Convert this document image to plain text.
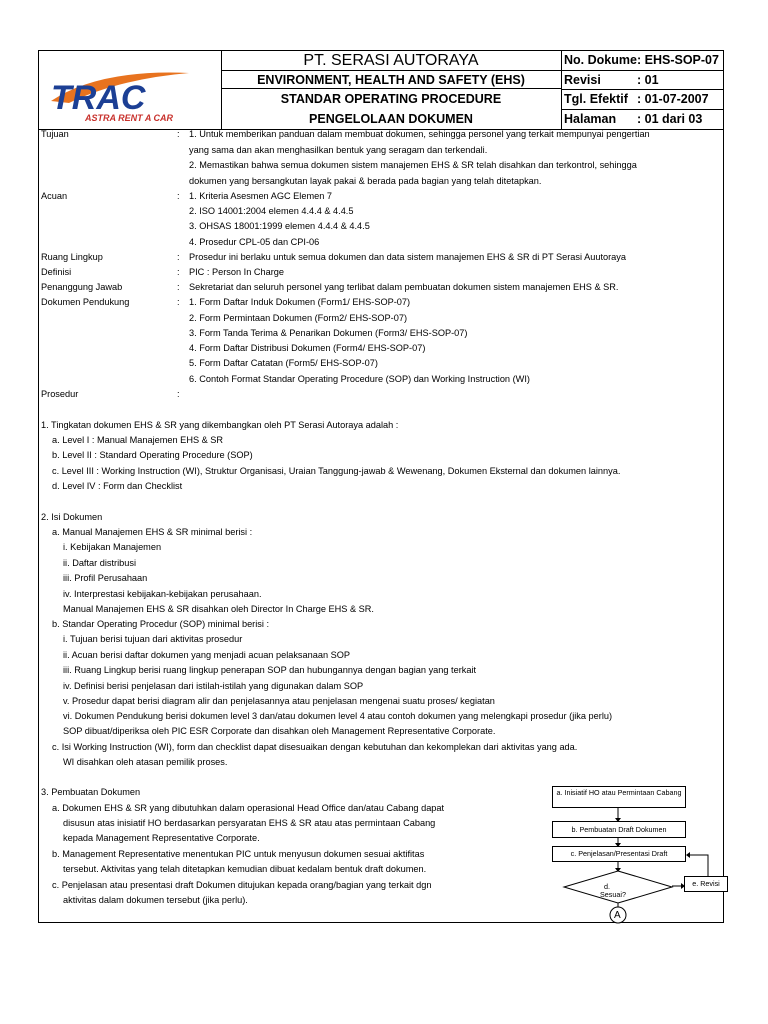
TRAC
ASTRA RENT A CAR
PT. SERASI AUTORAYA
ENVIRONMENT, HEALTH AND SAFETY (EHS)
STANDAR OPERATING PROCEDURE
PENGELOLAAN DOKUMEN
No. Dokume : EHS-SOP-07
Revisi	: 01
Tgl. Efektif : 01-07-2007
Halaman : 01 dari 03
Tujuan	: 1. Untuk memberikan panduan dalam membuat dokumen, sehingga personel yang terkait mempunyai pengertian
yang sama dan akan menghasilkan bentuk yang seragam dan terkendali.
2. Memastikan bahwa semua dokumen sistem manajemen EHS & SR telah disahkan dan terkontrol, sehingga
dokumen yang bersangkutan layak pakai & berada pada bagian yang telah ditetapkan.
Acuan	: 1. Kriteria Asesmen AGC Elemen 7
2. ISO 14001:2004 elemen 4.4.4 & 4.4.5
3. OHSAS 18001:1999 elemen 4.4.4 & 4.4.5
4. Prosedur CPL-05 dan CPI-06
Ruang Lingkup	: Prosedur ini berlaku untuk semua dokumen dan data sistem manajemen EHS & SR di PT Serasi Auutoraya
Definisi	: PIC : Person In Charge
Penanggung Jawab	: Sekretariat dan seluruh personel yang terlibat dalam pembuatan dokumen sistem manajemen EHS & SR.
Dokumen Pendukung	: 1. Form Daftar Induk Dokumen (Form1/ EHS-SOP-07)
2. Form Permintaan Dokumen (Form2/ EHS-SOP-07)
3. Form Tanda Terima & Penarikan Dokumen (Form3/ EHS-SOP-07)
4. Form Daftar Distribusi Dokumen (Form4/ EHS-SOP-07)
5. Form Daftar Catatan (Form5/ EHS-SOP-07)
6. Contoh Format Standar Operating Procedure (SOP) dan Working Instruction (WI)
Prosedur	:
1. Tingkatan dokumen EHS & SR yang dikembangkan oleh PT Serasi Autoraya adalah :
a. Level I : Manual Manajemen EHS & SR
b. Level II : Standard Operating Procedure (SOP)
c. Level III : Working Instruction (WI), Struktur Organisasi, Uraian Tanggung-jawab & Wewenang, Dokumen Eksternal dan dokumen lainnya.
d. Level IV : Form dan Checklist
2. Isi Dokumen
a. Manual Manajemen EHS & SR minimal berisi :
i. Kebijakan Manajemen
ii. Daftar distribusi
iii. Profil Perusahaan
iv. Interprestasi kebijakan-kebijakan perusahaan.
Manual Manajemen EHS & SR disahkan oleh Director In Charge EHS & SR.
b. Standar Operating Procedur (SOP) minimal berisi :
i. Tujuan berisi tujuan dari aktivitas prosedur
ii. Acuan berisi daftar dokumen yang menjadi acuan pelaksanaan SOP
iii. Ruang Lingkup berisi ruang lingkup penerapan SOP dan hubungannya dengan bagian yang terkait
iv. Definisi berisi penjelasan dari istilah-istilah yang digunakan dalam SOP
v. Prosedur dapat berisi diagram alir dan penjelasannya atau penjelasan mengenai suatu proses/ kegiatan
vi. Dokumen Pendukung berisi dokumen level 3 dan/atau dokumen level 4 atau contoh dokumen yang melengkapi prosedur (jika perlu)
SOP dibuat/diperiksa oleh PIC ESR Corporate dan disahkan oleh Management Representative Corporate.
c. Isi Working Instruction (WI), form dan checklist dapat disesuaikan dengan kebutuhan dan kekomplekan dari aktivitas yang ada.
WI disahkan oleh atasan pemilik proses.
3. Pembuatan Dokumen
a. Dokumen EHS & SR yang dibutuhkan dalam operasional Head Office dan/atau Cabang dapat
disusun atas inisiatif HO berdasarkan persyaratan EHS & SR atau atas permintaan Cabang
kepada Management Representative Corporate.
b. Management Representative menentukan PIC untuk menyusun dokumen sesuai aktifitas
tersebut. Aktivitas yang telah ditetapkan kemudian dibuat kedalam bentuk draft dokumen.
c. Penjelasan atau presentasi draft Dokumen ditujukan kepada orang/bagian yang terkait dgn
aktivitas dalam dokumen tersebut (jika perlu).
a. Inisiatif HO atau Permintaan Cabang
b. Pembuatan Draft Dokumen
c. Penjelasan/Presentasi Draft
d.
Sesuai?
e. Revisi
A
